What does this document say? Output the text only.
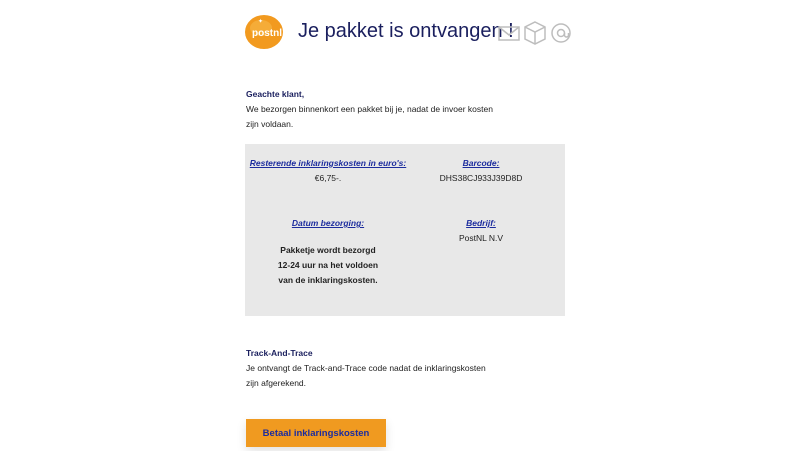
postnl
✦ Je pakket is ontvangen !
Geachte klant,
We bezorgen binnenkort een pakket bij je, nadat de invoer kosten
zijn voldaan.
Resterende inklaringskosten in euro's:
€6,75-.
Barcode:
DHS38CJ933J39D8D
Datum bezorging:
Pakketje wordt bezorgd
12-24 uur na het voldoen
van de inklaringskosten.
Bedrijf:
PostNL N.V
Track-And-Trace
Je ontvangt de Track-and-Trace code nadat de inklaringskosten
zijn afgerekend.
Betaal inklaringskosten
